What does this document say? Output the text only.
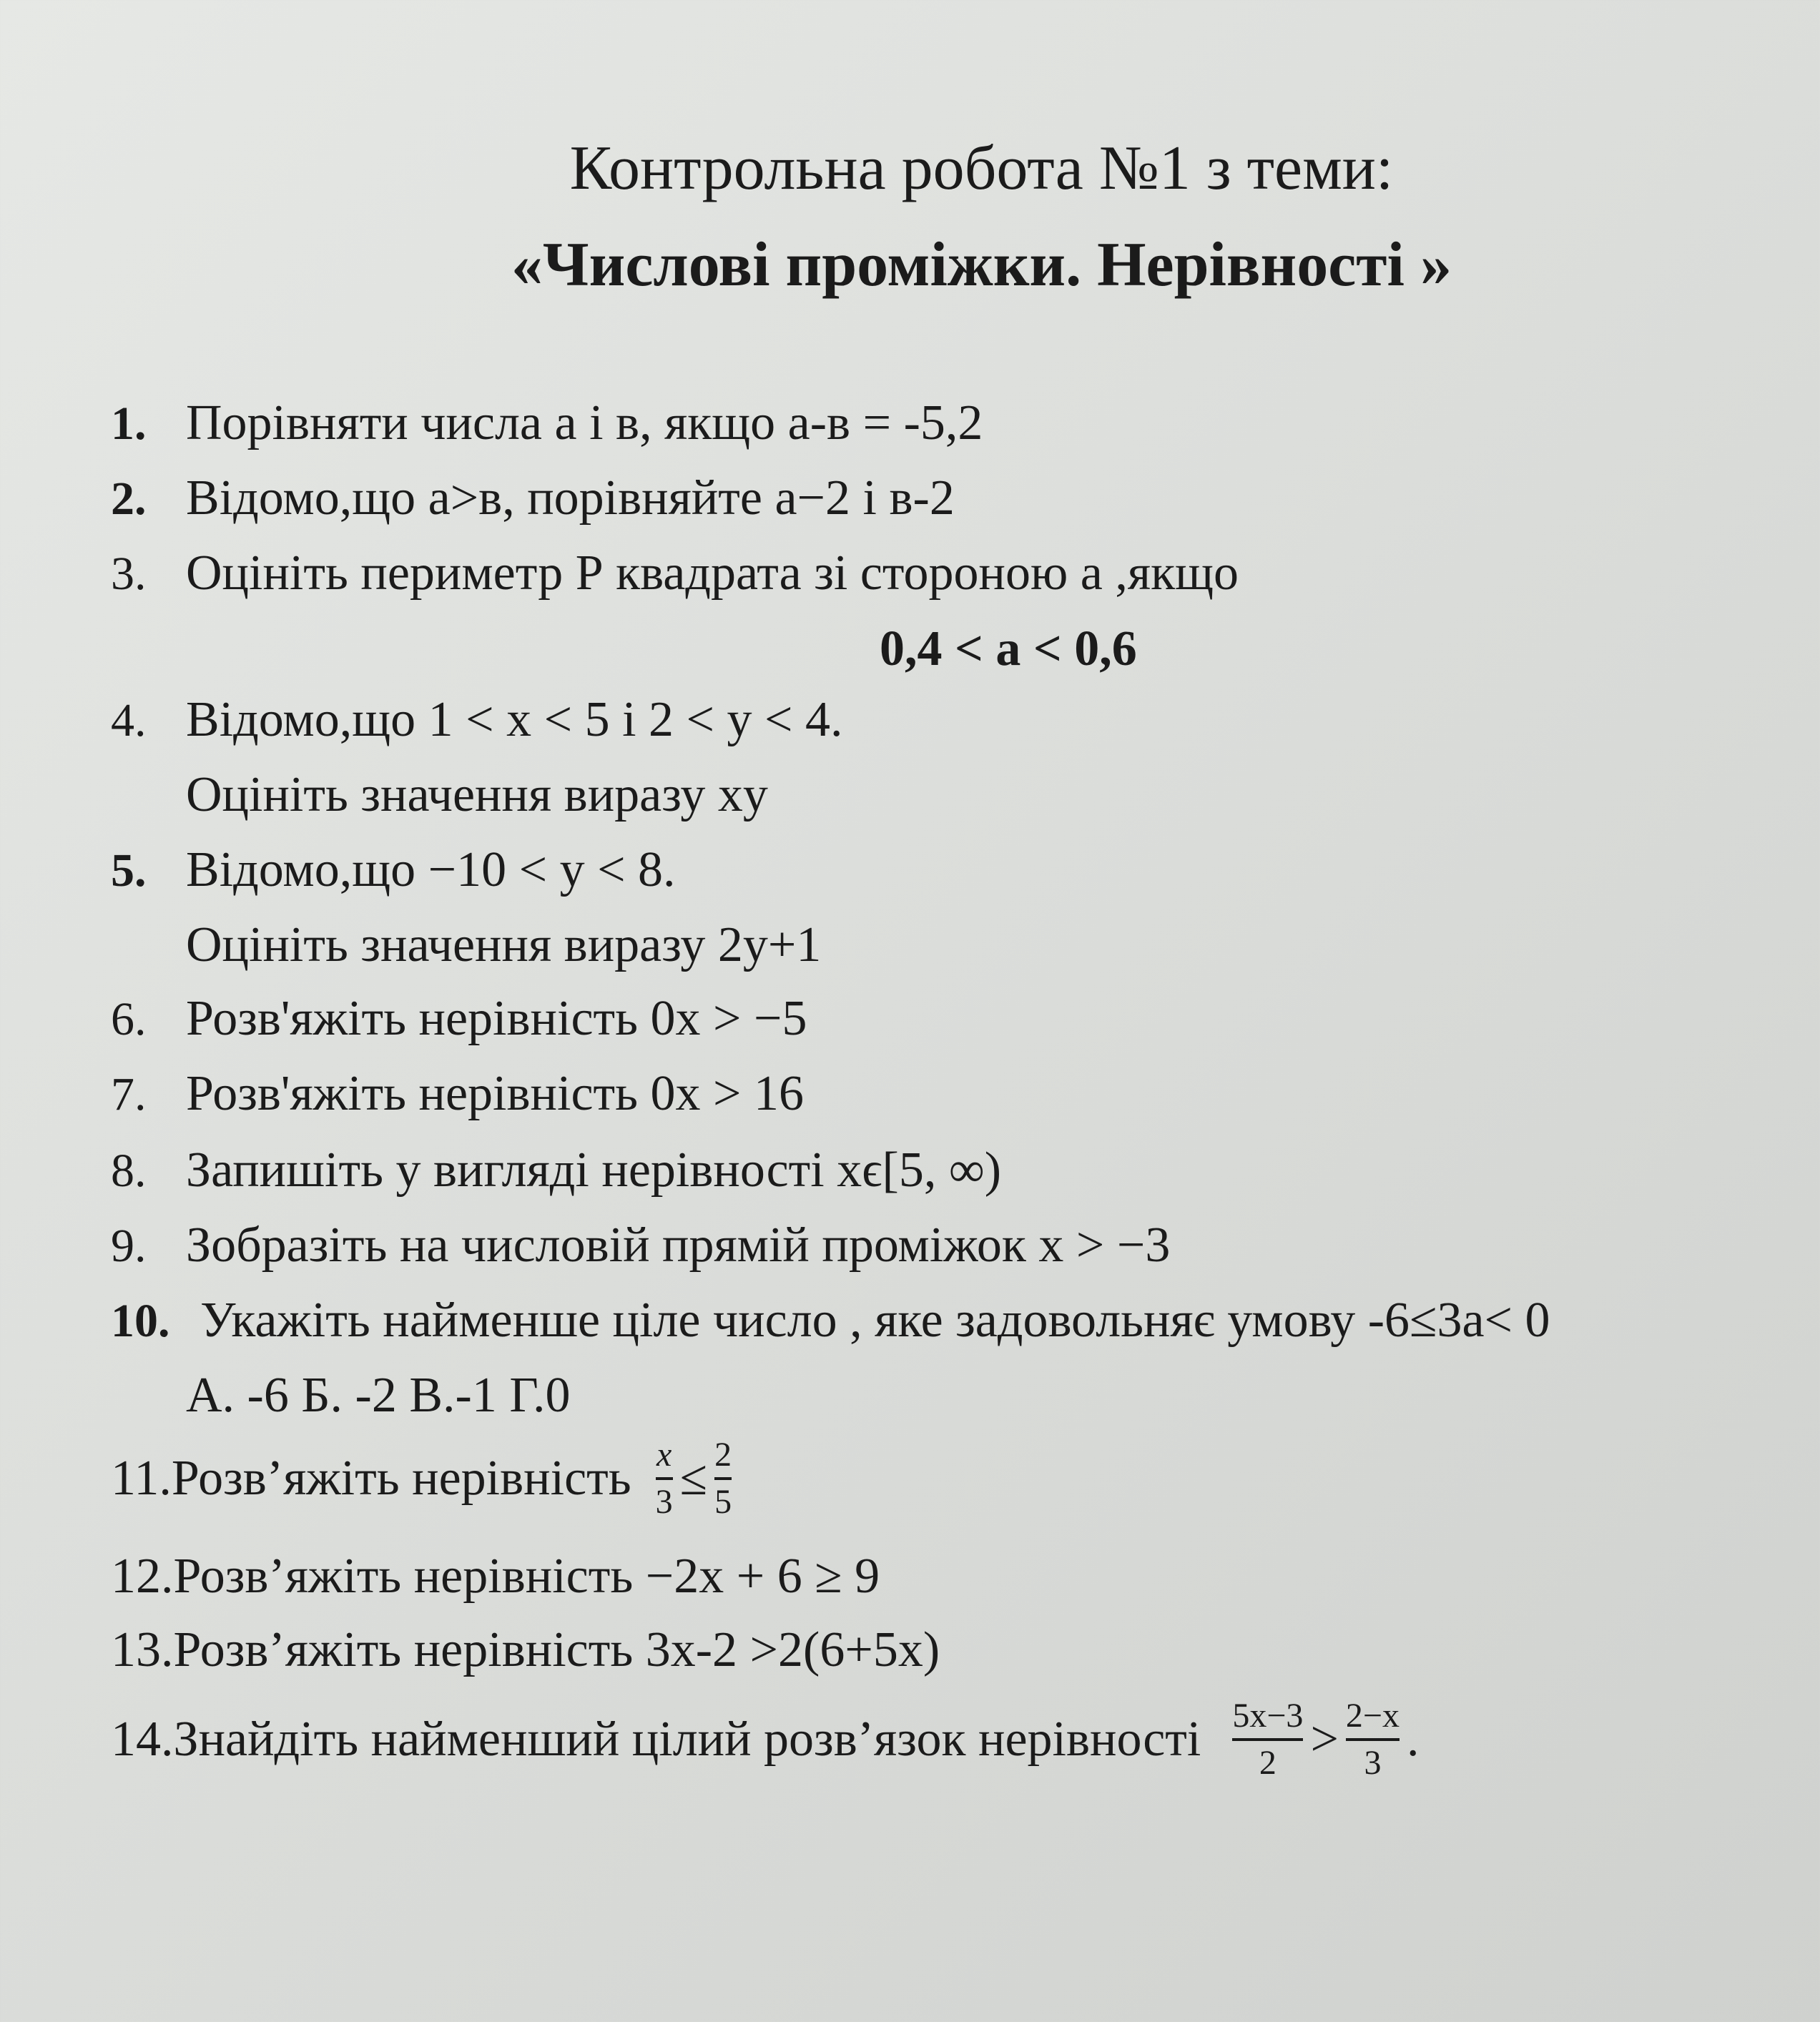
Контрольна робота №1 з теми:
«Числові проміжки. Нерівності »
1. Порівняти числа а і в, якщо а-в = -5,2
2. Відомо,що а>в, порівняйте а−2 і в-2
3. Оцініть периметр Р квадрата зі стороною а ,якщо
0,4 < a < 0,6
4. Відомо,що 1 < x < 5 і 2 < y < 4.
Оцініть значення виразу xy
5. Відомо,що −10 < y < 8.
Оцініть значення виразу 2y+1
6. Розв'яжіть нерівність 0x > −5
7. Розв'яжіть нерівність 0x > 16
8. Запишіть у вигляді нерівності xϵ[5, ∞)
9. Зобразіть на числовій прямій проміжок x > −3
10. Укажіть найменше ціле число , яке задовольняє умову -6≤3a< 0
А. -6 Б. -2 В.-1 Г.0
11. Розв’яжіть нерівність $\frac{x}{3} \le \frac{2}{5}$
12.Розв’яжіть нерівність −2x + 6 ≥ 9
13.Розв’яжіть нерівність 3x-2 >2(6+5x)
14. Знайдіть найменший цілий розв’язок нерівності $\frac{5x-3}{2} > \frac{2-x}{3}$ .
